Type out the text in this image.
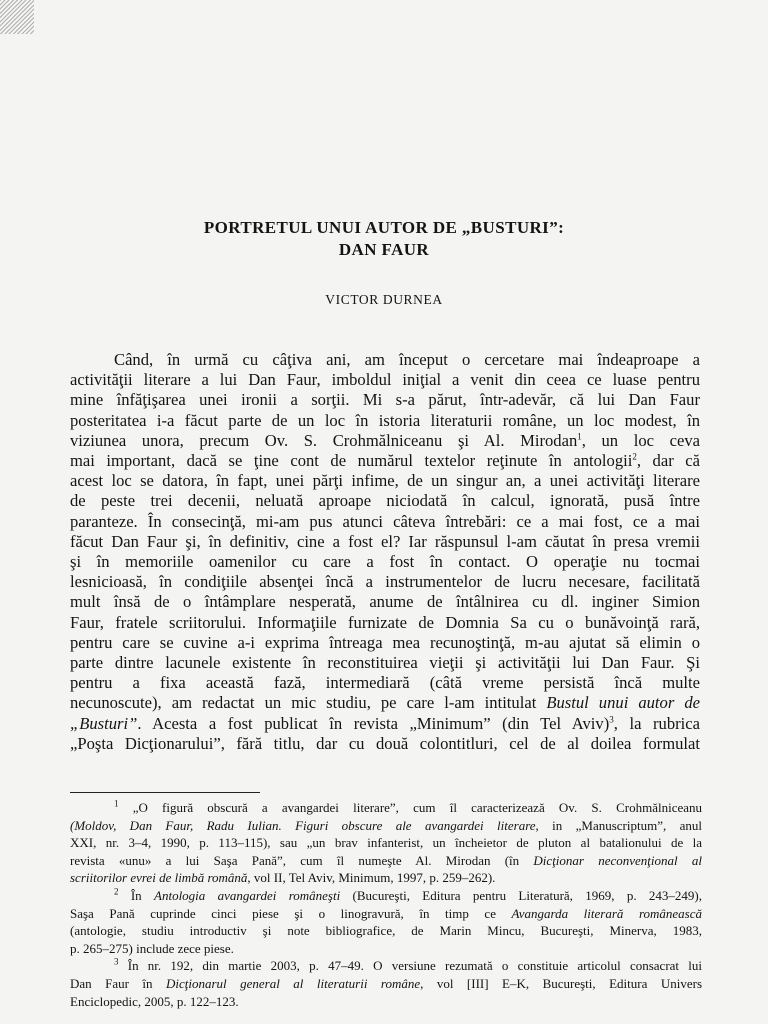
PORTRETUL UNUI AUTOR DE „BUSTURI”:
DAN FAUR
VICTOR DURNEA
Când, în urmă cu câţiva ani, am început o cercetare mai îndeaproape a
activităţii literare a lui Dan Faur, imboldul iniţial a venit din ceea ce luase pentru
mine înfăţişarea unei ironii a sorţii. Mi s-a părut, într-adevăr, că lui Dan Faur
posteritatea i-a făcut parte de un loc în istoria literaturii române, un loc modest, în
viziunea unora, precum Ov. S. Crohmălniceanu şi Al. Mirodan$^1$, un loc ceva
mai important, dacă se ţine cont de numărul textelor reţinute în antologii$^2$, dar că
acest loc se datora, în fapt, unei părţi infime, de un singur an, a unei activităţi literare
de peste trei decenii, neluată aproape niciodată în calcul, ignorată, pusă între
paranteze. În consecinţă, mi-am pus atunci câteva întrebări: ce a mai fost, ce a mai
făcut Dan Faur şi, în definitiv, cine a fost el? Iar răspunsul l-am căutat în presa vremii
şi în memoriile oamenilor cu care a fost în contact. O operaţie nu tocmai
lesnicioasă, în condiţiile absenţei încă a instrumentelor de lucru necesare, facilitată
mult însă de o întâmplare nesperată, anume de întâlnirea cu dl. inginer Simion
Faur, fratele scriitorului. Informaţiile furnizate de Domnia Sa cu o bunăvoinţă rară,
pentru care se cuvine a-i exprima întreaga mea recunoştinţă, m-au ajutat să elimin o
parte dintre lacunele existente în reconstituirea vieţii şi activităţii lui Dan Faur. Şi
pentru a fixa această fază, intermediară (câtă vreme persistă încă multe
necunoscute), am redactat un mic studiu, pe care l-am intitulat Bustul unui autor de
„Busturi”. Acesta a fost publicat în revista „Minimum” (din Tel Aviv)$^3$, la rubrica
„Poşta Dicţionarului”, fără titlu, dar cu două colontitluri, cel de al doilea formulat
$^1$ „O figură obscură a avangardei literare”, cum îl caracterizează Ov. S. Crohmălniceanu
(Moldov, Dan Faur, Radu Iulian. Figuri obscure ale avangardei literare, in „Manuscriptum”, anul
XXI, nr. 3–4, 1990, p. 113–115), sau „un brav infanterist, un încheietor de pluton al batalionului de la
revista «unu» a lui Saşa Pană”, cum îl numeşte Al. Mirodan (în Dicţionar neconvenţional al
scriitorilor evrei de limbă română, vol II, Tel Aviv, Minimum, 1997, p. 259–262).
$^2$ În Antologia avangardei româneşti (Bucureşti, Editura pentru Literatură, 1969, p. 243–249),
Saşa Pană cuprinde cinci piese şi o linogravură, în timp ce Avangarda literară românească
(antologie, studiu introductiv şi note bibliografice, de Marin Mincu, Bucureşti, Minerva, 1983,
p. 265–275) include zece piese.
$^3$ În nr. 192, din martie 2003, p. 47–49. O versiune rezumată o constituie articolul consacrat lui
Dan Faur în Dicţionarul general al literaturii române, vol [III] E–K, Bucureşti, Editura Univers
Enciclopedic, 2005, p. 122–123.
